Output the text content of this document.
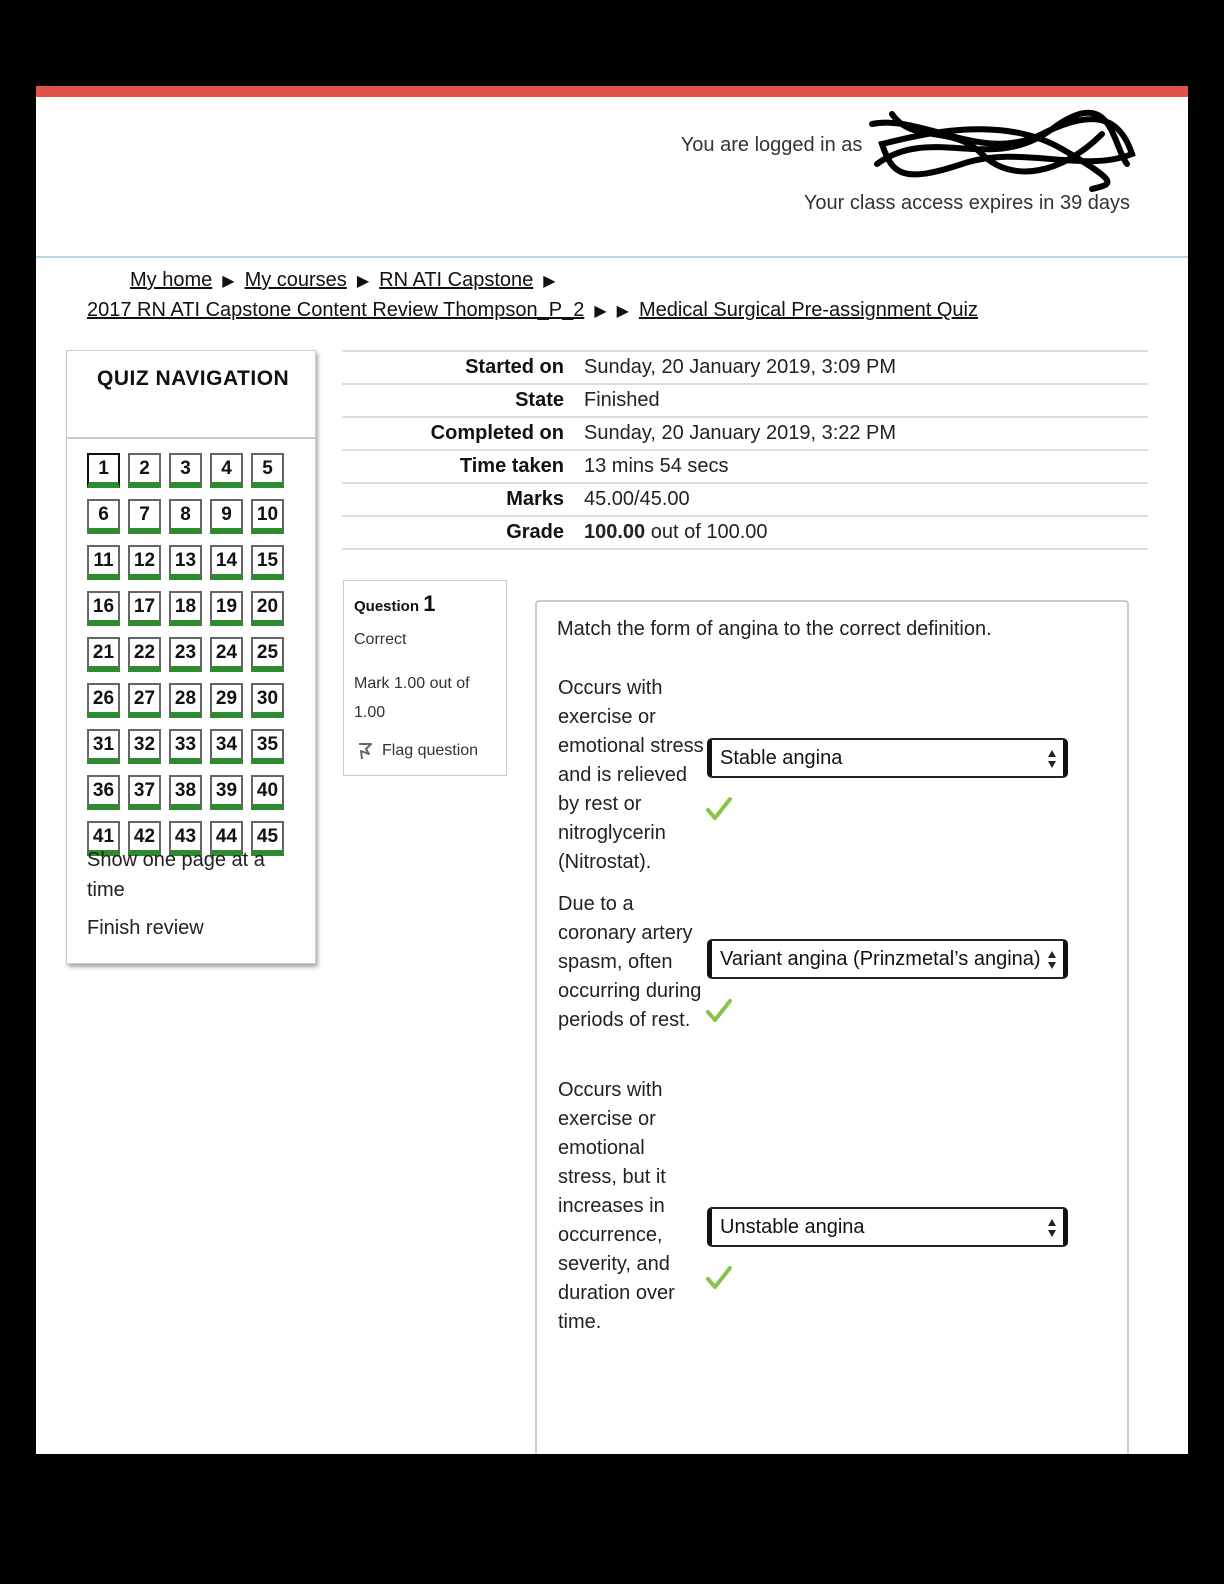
You are logged in as
Your class access expires in 39 days
My home ▶ My courses ▶ RN ATI Capstone ▶
2017 RN ATI Capstone Content Review Thompson_P_2 ▶ ▶ Medical Surgical Pre-assignment Quiz
QUIZ NAVIGATION
1	2	3	4	5
6	7	8	9	10
11	12	13	14	15
16	17	18	19	20
21	22	23	24	25
26	27	28	29	30
31	32	33	34	35
36	37	38	39	40
41	42	43	44	45
Show one page at a time
Finish review
Started on	Sunday, 20 January 2019, 3:09 PM
State	Finished
Completed on	Sunday, 20 January 2019, 3:22 PM
Time taken	13 mins 54 secs
Marks	45.00/45.00
Grade	100.00 out of 100.00
Question 1
Correct
Mark 1.00 out of 1.00
Flag question
Match the form of angina to the correct definition.
Occurs with exercise or emotional stress and is relieved by rest or nitroglycerin (Nitrostat).
Stable angina
Due to a coronary artery spasm, often occurring during periods of rest.
Variant angina (Prinzmetal’s angina)
Occurs with exercise or emotional stress, but it increases in occurrence, severity, and duration over time.
Unstable angina
